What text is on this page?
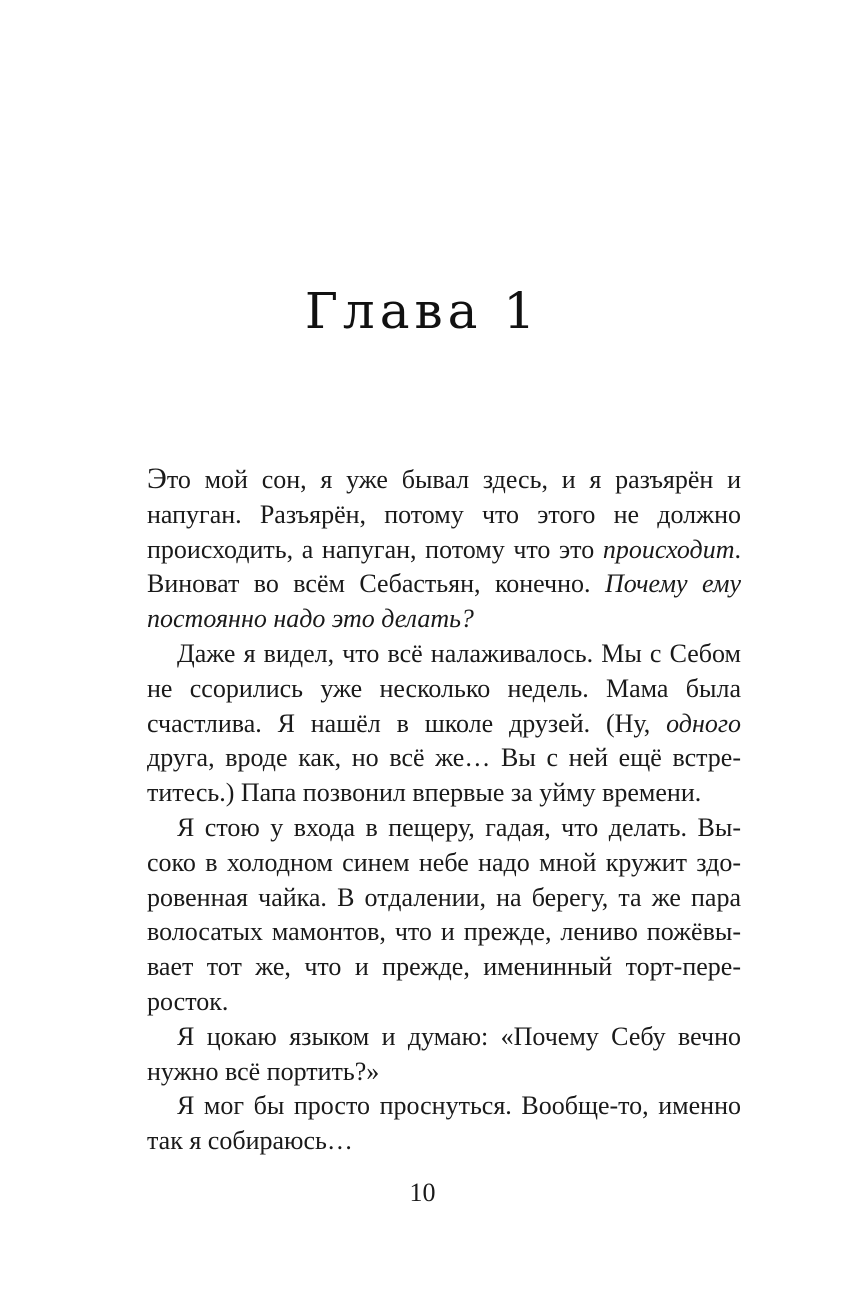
Глава 1

Это мой сон, я уже бывал здесь, и я разъярён и напуган. Разъярён, потому что этого не должно происходить, а напуган, потому что это происходит. Виноват во всём Себастьян, конечно. Почему ему постоянно надо это делать?

Даже я видел, что всё налаживалось. Мы с Себом не ссорились уже несколько недель. Мама была счастлива. Я нашёл в школе друзей. (Ну, одного друга, вроде как, но всё же… Вы с ней ещё встретитесь.) Папа позвонил впервые за уйму времени.

Я стою у входа в пещеру, гадая, что делать. Высоко в холодном синем небе надо мной кружит здоровенная чайка. В отдалении, на берегу, та же пара волосатых мамонтов, что и прежде, лениво пожёвывает тот же, что и прежде, именинный торт-переросток.

Я цокаю языком и думаю: «Почему Себу вечно нужно всё портить?»

Я мог бы просто проснуться. Вообще-то, именно так я собираюсь…

10
